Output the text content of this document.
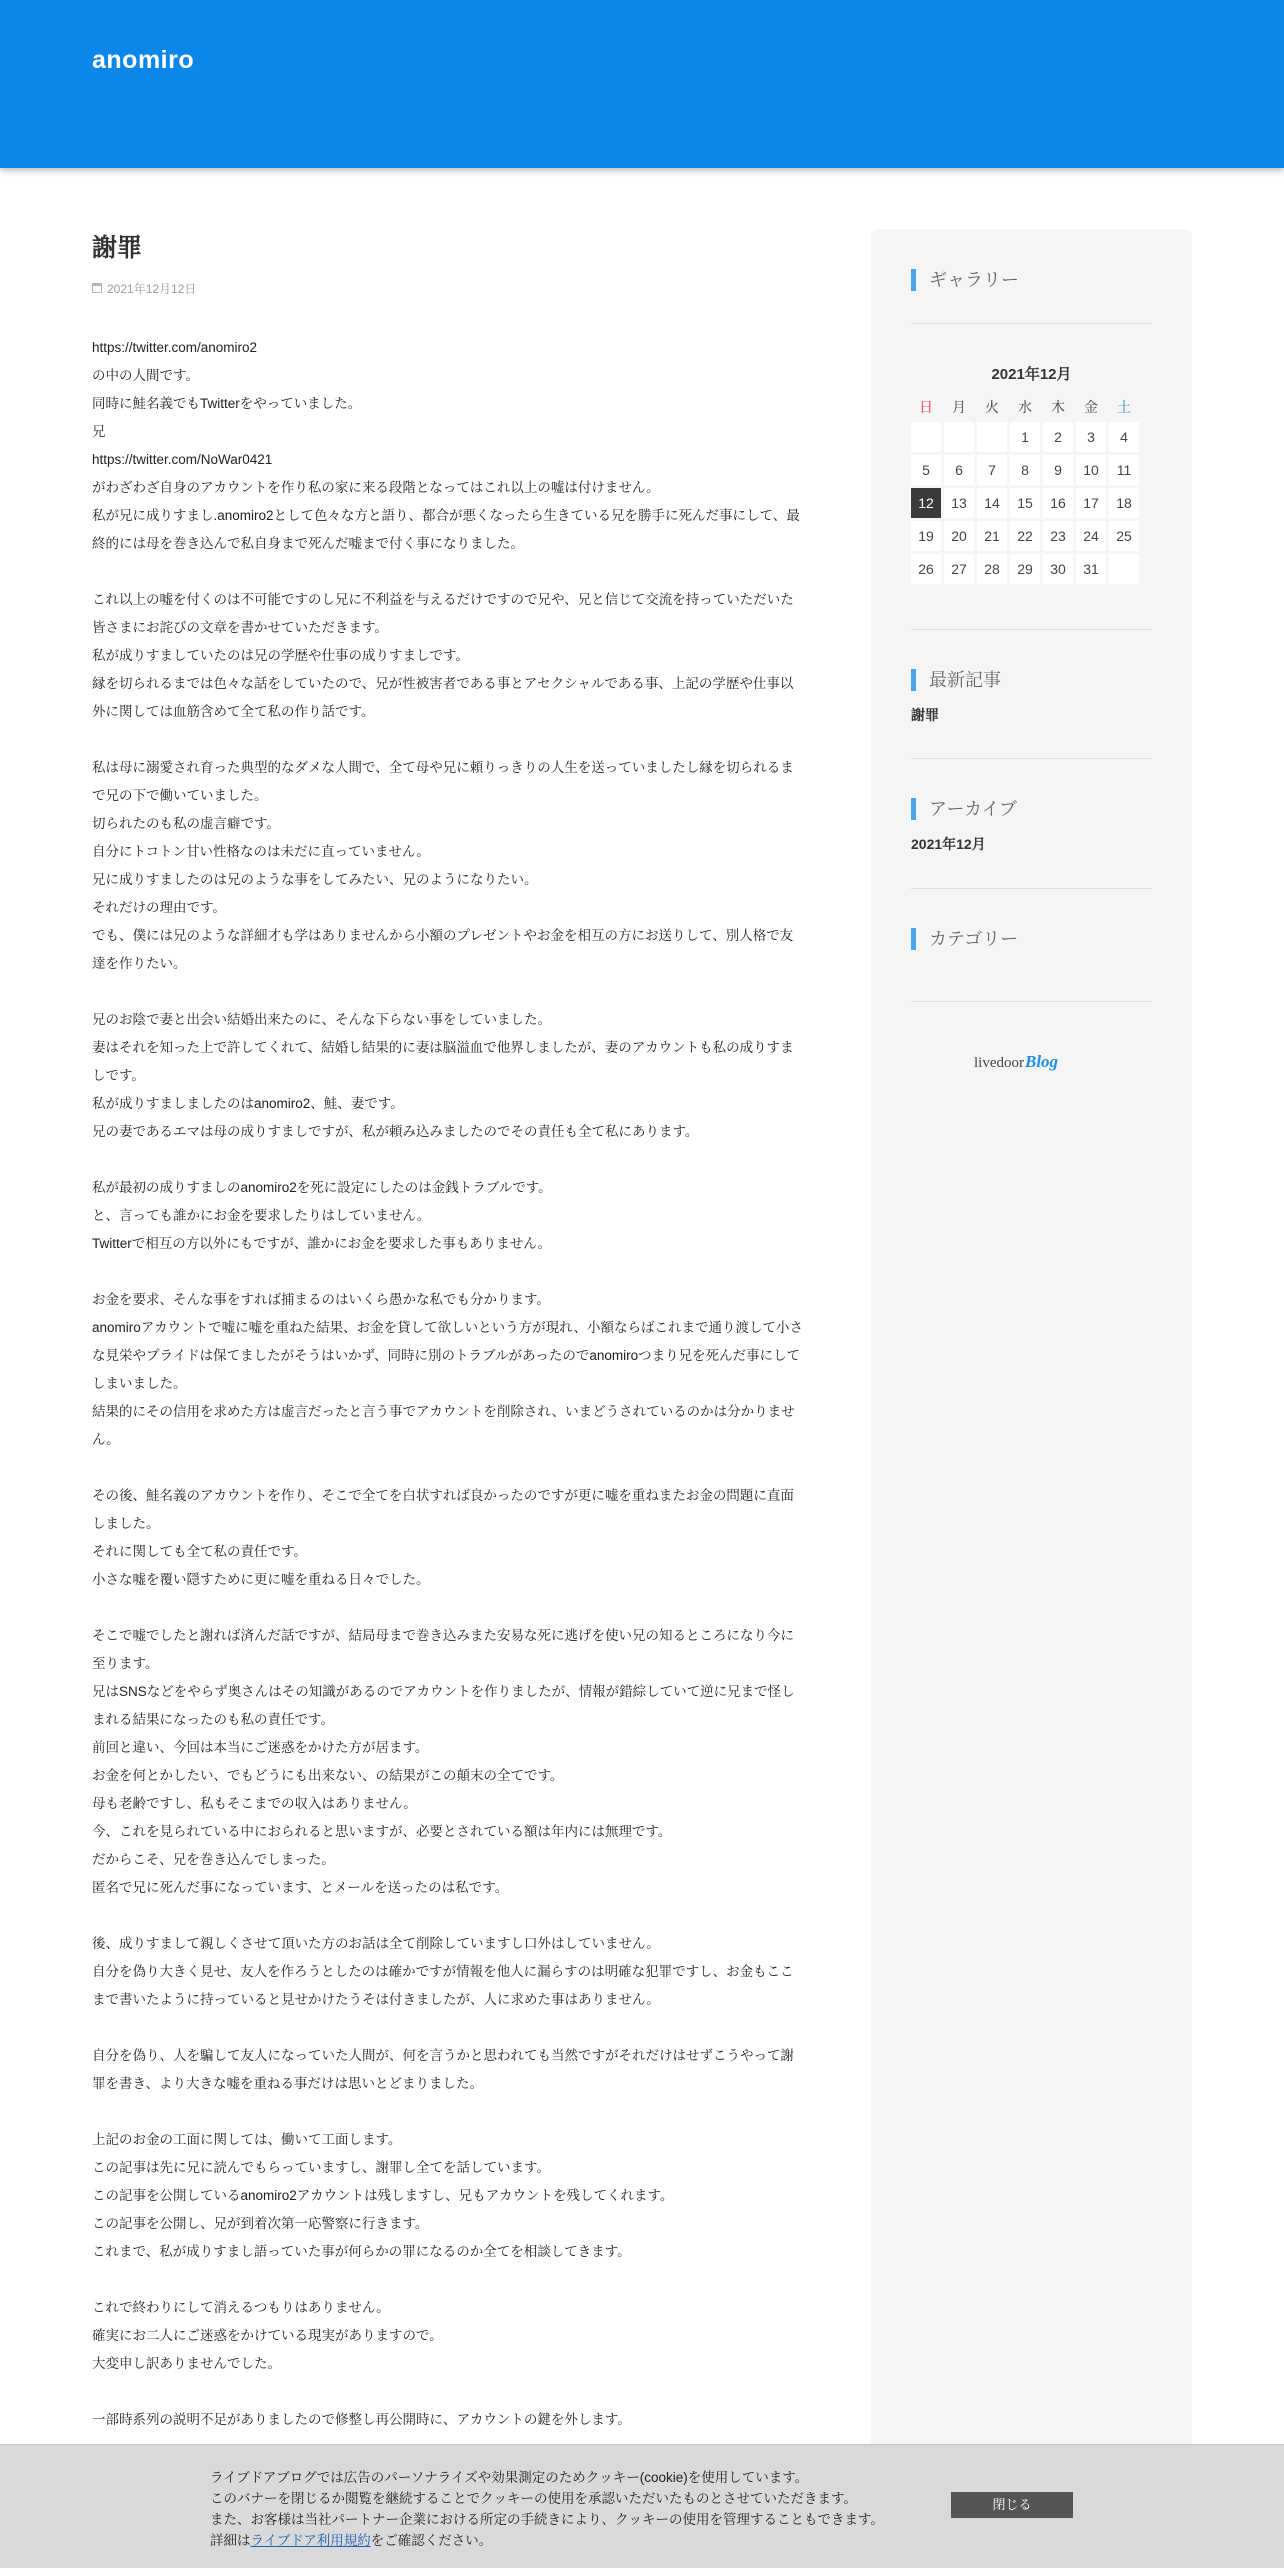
anomiro
謝罪
2021年12月12日

https://twitter.com/anomiro2

の中の人間です。

同時に鮭名義でもTwitterをやっていました。

兄

https://twitter.com/NoWar0421

がわざわざ自身のアカウントを作り私の家に来る段階となってはこれ以上の嘘は付けません。

私が兄に成りすまし.anomiro2として色々な方と語り、都合が悪くなったら生きている兄を勝手に死んだ事にして、最

終的には母を巻き込んで私自身まで死んだ嘘まで付く事になりました。

これ以上の嘘を付くのは不可能ですのし兄に不利益を与えるだけですので兄や、兄と信じて交流を持っていただいた

皆さまにお詫びの文章を書かせていただきます。

私が成りすましていたのは兄の学歴や仕事の成りすましです。

縁を切られるまでは色々な話をしていたので、兄が性被害者である事とアセクシャルである事、上記の学歴や仕事以

外に関しては血筋含めて全て私の作り話です。

私は母に溺愛され育った典型的なダメな人間で、全て母や兄に頼りっきりの人生を送っていましたし縁を切られるま

で兄の下で働いていました。

切られたのも私の虚言癖です。

自分にトコトン甘い性格なのは未だに直っていません。

兄に成りすましたのは兄のような事をしてみたい、兄のようになりたい。

それだけの理由です。

でも、僕には兄のような詳細才も学はありませんから小額のプレゼントやお金を相互の方にお送りして、別人格で友

達を作りたい。

兄のお陰で妻と出会い結婚出来たのに、そんな下らない事をしていました。

妻はそれを知った上で許してくれて、結婚し結果的に妻は脳溢血で他界しましたが、妻のアカウントも私の成りすま

しです。

私が成りすましましたのはanomiro2、鮭、妻です。

兄の妻であるエマは母の成りすましですが、私が頼み込みましたのでその責任も全て私にあります。

私が最初の成りすましのanomiro2を死に設定にしたのは金銭トラブルです。

と、言っても誰かにお金を要求したりはしていません。

Twitterで相互の方以外にもですが、誰かにお金を要求した事もありません。

お金を要求、そんな事をすれば捕まるのはいくら愚かな私でも分かります。

anomiroアカウントで嘘に嘘を重ねた結果、お金を貸して欲しいという方が現れ、小額ならばこれまで通り渡して小さ

な見栄やプライドは保てましたがそうはいかず、同時に別のトラブルがあったのでanomiroつまり兄を死んだ事にして

しまいました。

結果的にその信用を求めた方は虚言だったと言う事でアカウントを削除され、いまどうされているのかは分かりませ

ん。

その後、鮭名義のアカウントを作り、そこで全てを白状すれば良かったのですが更に嘘を重ねまたお金の問題に直面

しました。

それに関しても全て私の責任です。

小さな嘘を覆い隠すために更に嘘を重ねる日々でした。

そこで嘘でしたと謝れば済んだ話ですが、結局母まで巻き込みまた安易な死に逃げを使い兄の知るところになり今に

至ります。

兄はSNSなどをやらず奥さんはその知識があるのでアカウントを作りましたが、情報が錯綜していて逆に兄まで怪し

まれる結果になったのも私の責任です。

前回と違い、今回は本当にご迷惑をかけた方が居ます。

お金を何とかしたい、でもどうにも出来ない、の結果がこの顛末の全てです。

母も老齢ですし、私もそこまでの収入はありません。

今、これを見られている中におられると思いますが、必要とされている額は年内には無理です。

だからこそ、兄を巻き込んでしまった。

匿名で兄に死んだ事になっています、とメールを送ったのは私です。

後、成りすまして親しくさせて頂いた方のお話は全て削除していますし口外はしていません。

自分を偽り大きく見せ、友人を作ろうとしたのは確かですが情報を他人に漏らすのは明確な犯罪ですし、お金もここ

まで書いたように持っていると見せかけたうそは付きましたが、人に求めた事はありません。

自分を偽り、人を騙して友人になっていた人間が、何を言うかと思われても当然ですがそれだけはせずこうやって謝

罪を書き、より大きな嘘を重ねる事だけは思いとどまりました。

上記のお金の工面に関しては、働いて工面します。

この記事は先に兄に読んでもらっていますし、謝罪し全てを話しています。

この記事を公開しているanomiro2アカウントは残しますし、兄もアカウントを残してくれます。

この記事を公開し、兄が到着次第一応警察に行きます。

これまで、私が成りすまし語っていた事が何らかの罪になるのか全てを相談してきます。

これで終わりにして消えるつもりはありません。

確実にお二人にご迷惑をかけている現実がありますので。

大変申し訳ありませんでした。

一部時系列の説明不足がありましたので修整し再公開時に、アカウントの鍵を外します。

ギャラリー
2021年12月
日	月	火	水	木	金	土
			1	2	3	4
5	6	7	8	9	10	11
12	13	14	15	16	17	18
19	20	21	22	23	24	25
26	27	28	29	30	31	
最新記事
謝罪
アーカイブ
2021年12月
カテゴリー
livedoor Blog
ライブドアブログでは広告のパーソナライズや効果測定のためクッキー(cookie)を使用しています。
このバナーを閉じるか閲覧を継続することでクッキーの使用を承認いただいたものとさせていただきます。
また、お客様は当社パートナー企業における所定の手続きにより、クッキーの使用を管理することもできます。
詳細はライブドア利用規約をご確認ください。
閉じる
